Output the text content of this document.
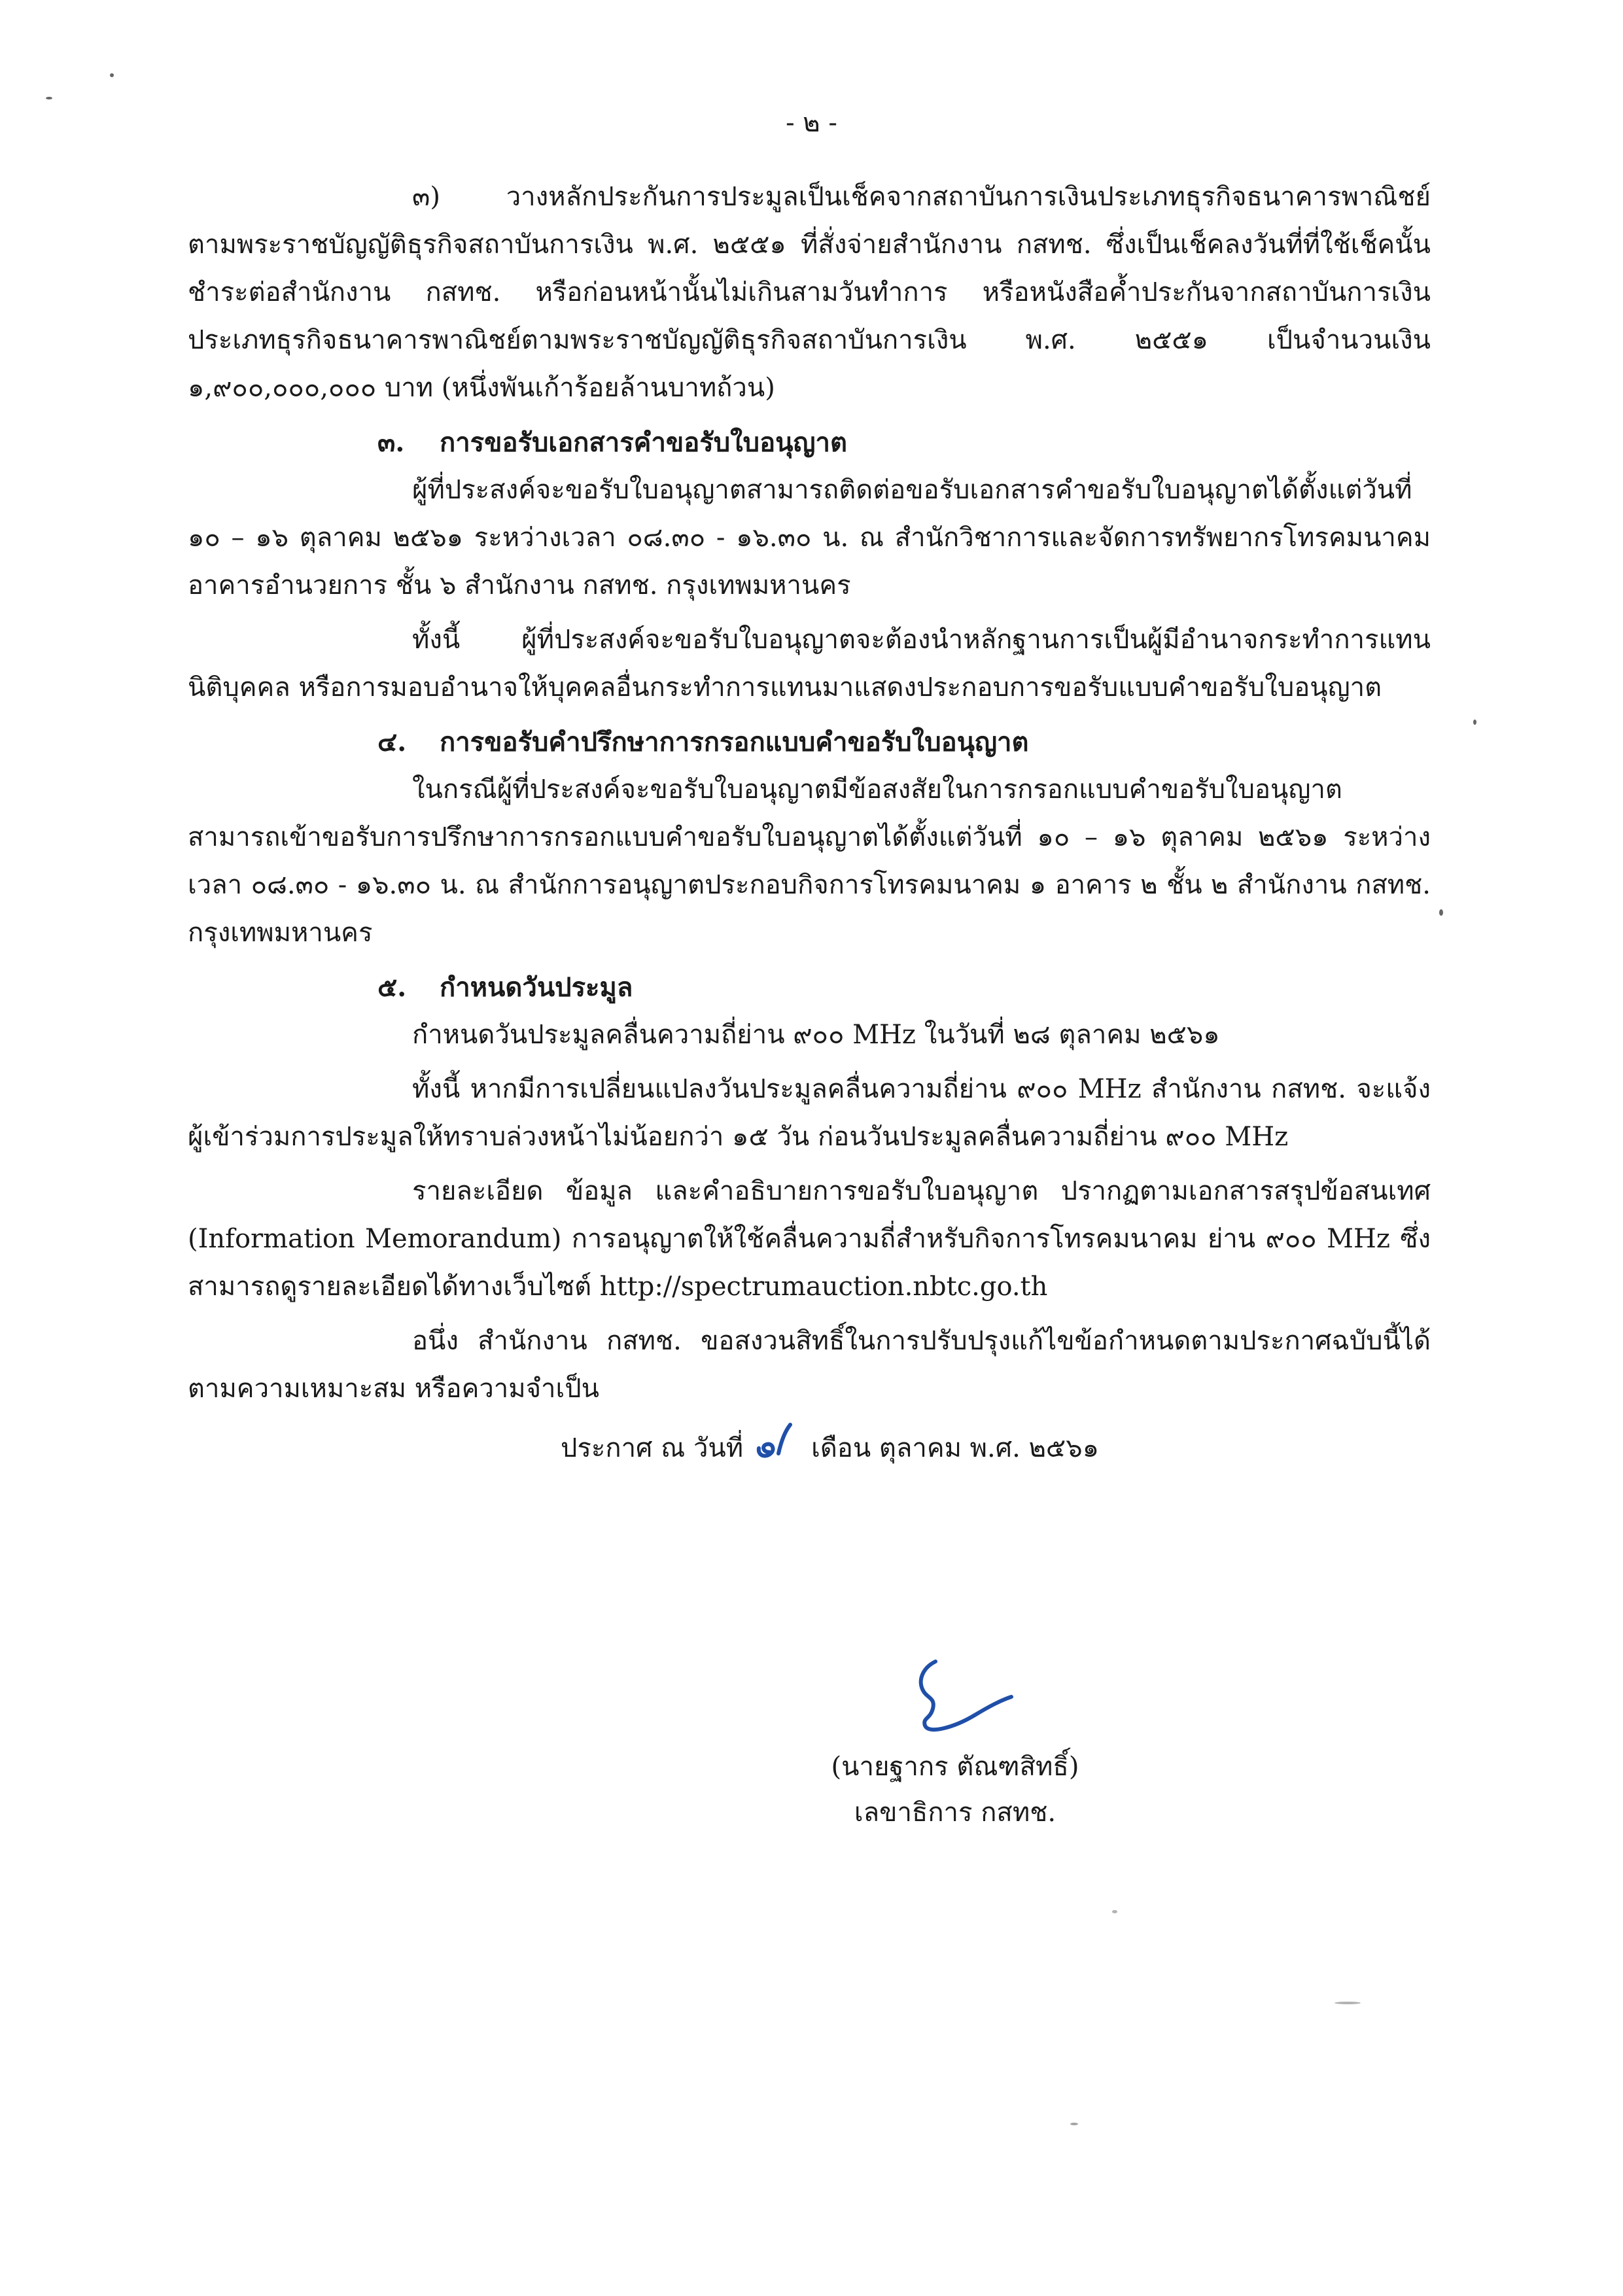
- ๒ -

๓) วางหลักประกันการประมูลเป็นเช็คจากสถาบันการเงินประเภทธุรกิจธนาคารพาณิชย์ตามพระราชบัญญัติธุรกิจสถาบันการเงิน พ.ศ. ๒๕๕๑ ที่สั่งจ่ายสำนักงาน กสทช. ซึ่งเป็นเช็คลงวันที่ที่ใช้เช็คนั้นชำระต่อสำนักงาน กสทช. หรือก่อนหน้านั้นไม่เกินสามวันทำการ หรือหนังสือค้ำประกันจากสถาบันการเงินประเภทธุรกิจธนาคารพาณิชย์ตามพระราชบัญญัติธุรกิจสถาบันการเงิน พ.ศ. ๒๕๕๑ เป็นจำนวนเงิน ๑,๙๐๐,๐๐๐,๐๐๐ บาท (หนึ่งพันเก้าร้อยล้านบาทถ้วน)

๓. การขอรับเอกสารคำขอรับใบอนุญาต

ผู้ที่ประสงค์จะขอรับใบอนุญาตสามารถติดต่อขอรับเอกสารคำขอรับใบอนุญาตได้ตั้งแต่วันที่ ๑๐ – ๑๖ ตุลาคม ๒๕๖๑ ระหว่างเวลา ๐๘.๓๐ - ๑๖.๓๐ น. ณ สำนักวิชาการและจัดการทรัพยากรโทรคมนาคม อาคารอำนวยการ ชั้น ๖ สำนักงาน กสทช. กรุงเทพมหานคร

ทั้งนี้ ผู้ที่ประสงค์จะขอรับใบอนุญาตจะต้องนำหลักฐานการเป็นผู้มีอำนาจกระทำการแทนนิติบุคคล หรือการมอบอำนาจให้บุคคลอื่นกระทำการแทนมาแสดงประกอบการขอรับแบบคำขอรับใบอนุญาต

๔. การขอรับคำปรึกษาการกรอกแบบคำขอรับใบอนุญาต

ในกรณีผู้ที่ประสงค์จะขอรับใบอนุญาตมีข้อสงสัยในการกรอกแบบคำขอรับใบอนุญาตสามารถเข้าขอรับการปรึกษาการกรอกแบบคำขอรับใบอนุญาตได้ตั้งแต่วันที่ ๑๐ – ๑๖ ตุลาคม ๒๕๖๑ ระหว่างเวลา ๐๘.๓๐ - ๑๖.๓๐ น. ณ สำนักการอนุญาตประกอบกิจการโทรคมนาคม ๑ อาคาร ๒ ชั้น ๒ สำนักงาน กสทช. กรุงเทพมหานคร

๕. กำหนดวันประมูล

กำหนดวันประมูลคลื่นความถี่ย่าน ๙๐๐ MHz ในวันที่ ๒๘ ตุลาคม ๒๕๖๑

ทั้งนี้ หากมีการเปลี่ยนแปลงวันประมูลคลื่นความถี่ย่าน ๙๐๐ MHz สำนักงาน กสทช. จะแจ้งผู้เข้าร่วมการประมูลให้ทราบล่วงหน้าไม่น้อยกว่า ๑๕ วัน ก่อนวันประมูลคลื่นความถี่ย่าน ๙๐๐ MHz

รายละเอียด ข้อมูล และคำอธิบายการขอรับใบอนุญาต ปรากฏตามเอกสารสรุปข้อสนเทศ (Information Memorandum) การอนุญาตให้ใช้คลื่นความถี่สำหรับกิจการโทรคมนาคม ย่าน ๙๐๐ MHz ซึ่งสามารถดูรายละเอียดได้ทางเว็บไซต์ http://spectrumauction.nbtc.go.th

อนึ่ง สำนักงาน กสทช. ขอสงวนสิทธิ์ในการปรับปรุงแก้ไขข้อกำหนดตามประกาศฉบับนี้ได้ตามความเหมาะสม หรือความจำเป็น

ประกาศ ณ วันที่	เดือน ตุลาคม พ.ศ. ๒๕๖๑

(นายฐากร ตัณฑสิทธิ์)
เลขาธิการ กสทช.
